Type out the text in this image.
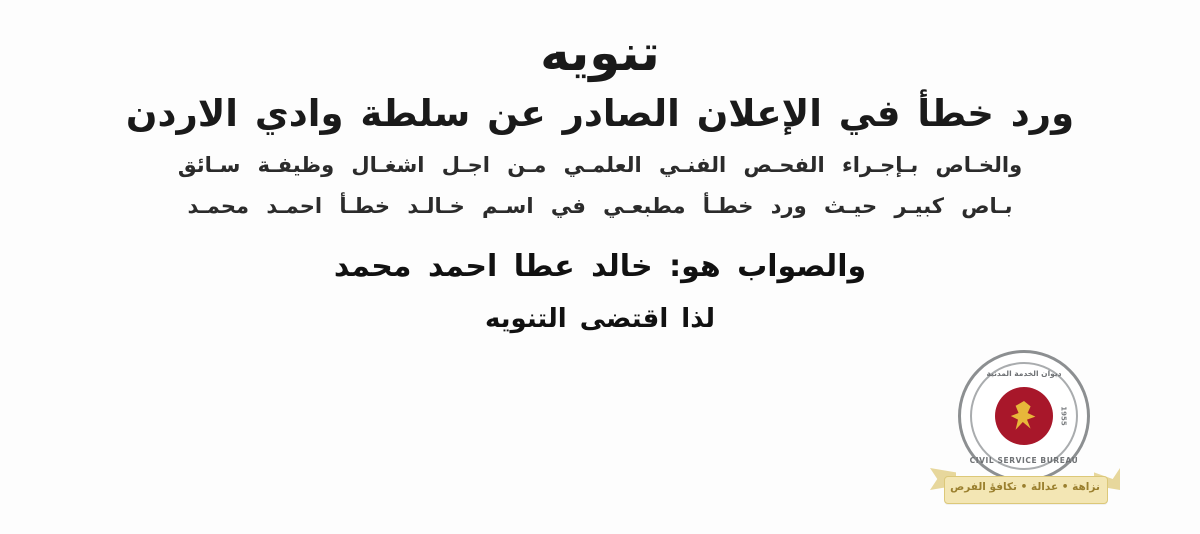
تنويه
ورد خطأ في الإعلان الصادر عن سلطة وادي الاردن
والخـاص بـإجـراء الفحـص الفنـي العلمـي مـن اجـل اشغـال وظيفـة سـائق
بـاص كبيـر حيـث ورد خطـأ مطبعـي في اسـم خـالـد خطـأ احمـد محمـد
والصواب هو: خالد عطا احمد محمد
لذا اقتضى التنويه
ديوان الخدمة المدنية
1955
CIVIL SERVICE BUREAU
نزاهة • عدالة • تكافؤ الفرص
